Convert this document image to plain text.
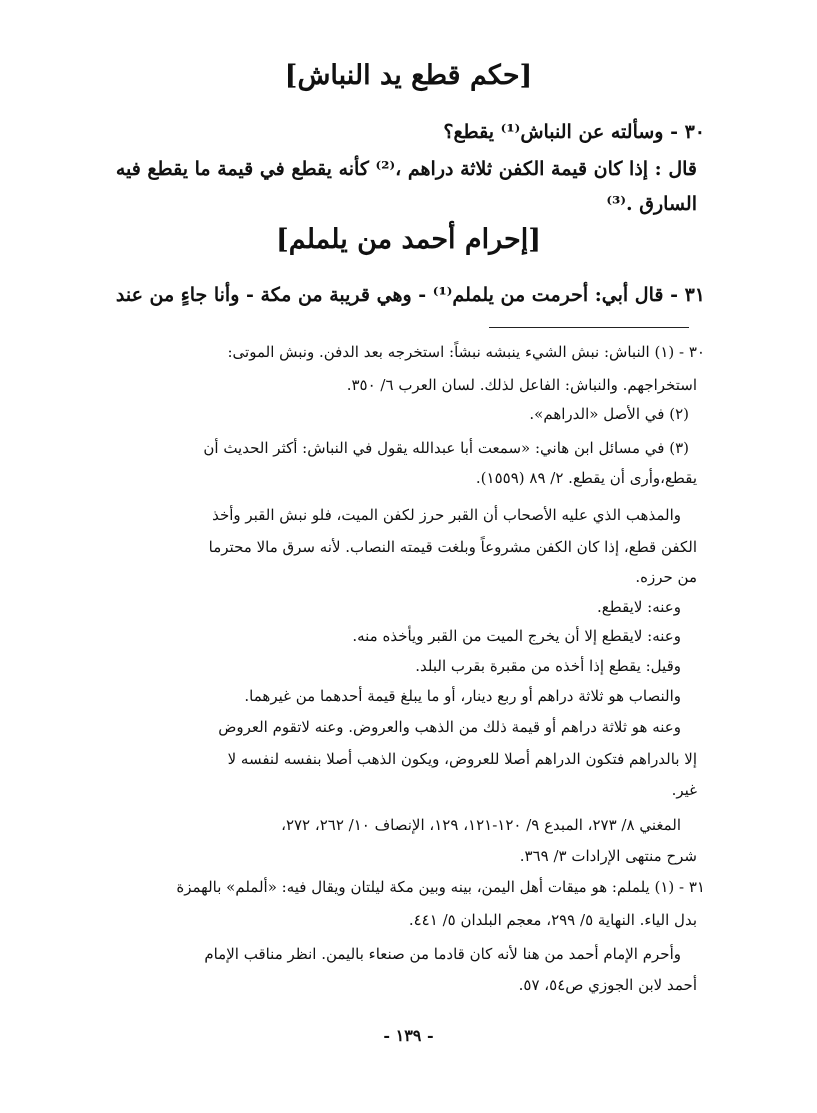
[حكم قطع يد النباش]
٣٠ - وسألته عن النباش⁽¹⁾ يقطع؟
قال : إذا كان قيمة الكفن ثلاثة دراهم ،⁽²⁾ كأنه يقطع في قيمة ما يقطع فيه
السارق .⁽³⁾
[إحرام أحمد من يلملم]
٣١ - قال أبي: أحرمت من يلملم⁽¹⁾ - وهي قريبة من مكة - وأنا جاءٍ من عند
٣٠ - (١) النباش: نبش الشيء ينبشه نبشاً: استخرجه بعد الدفن. ونبش الموتى:
استخراجهم. والنباش: الفاعل لذلك. لسان العرب ٦/ ٣٥٠.
(٢) في الأصل «الدراهم».
(٣) في مسائل ابن هاني: «سمعت أبا عبدالله يقول في النباش: أكثر الحديث أن
يقطع،وأرى أن يقطع. ٢/ ٨٩ (١٥٥٩).
والمذهب الذي عليه الأصحاب أن القبر حرز لكفن الميت، فلو نبش القبر وأخذ
الكفن قطع، إذا كان الكفن مشروعاً وبلغت قيمته النصاب. لأنه سرق مالا محترما
من حرزه.
وعنه: لايقطع.
وعنه: لايقطع إلا أن يخرج الميت من القبر ويأخذه منه.
وقيل: يقطع إذا أخذه من مقبرة بقرب البلد.
والنصاب هو ثلاثة دراهم أو ربع دينار، أو ما يبلغ قيمة أحدهما من غيرهما.
وعنه هو ثلاثة دراهم أو قيمة ذلك من الذهب والعروض. وعنه لاتقوم العروض
إلا بالدراهم فتكون الدراهم أصلا للعروض، ويكون الذهب أصلا بنفسه لنفسه لا
غير.
المغني ٨/ ٢٧٣، المبدع ٩/ ١٢٠-١٢١، ١٢٩، الإنصاف ١٠/ ٢٦٢، ٢٧٢،
شرح منتهى الإرادات ٣/ ٣٦٩.
٣١ - (١) يلملم: هو ميقات أهل اليمن، بينه وبين مكة ليلتان ويقال فيه: «ألملم» بالهمزة
بدل الياء. النهاية ٥/ ٢٩٩، معجم البلدان ٥/ ٤٤١.
وأحرم الإمام أحمد من هنا لأنه كان قادما من صنعاء باليمن. انظر مناقب الإمام
أحمد لابن الجوزي ص٥٤، ٥٧.
- ١٣٩ -
